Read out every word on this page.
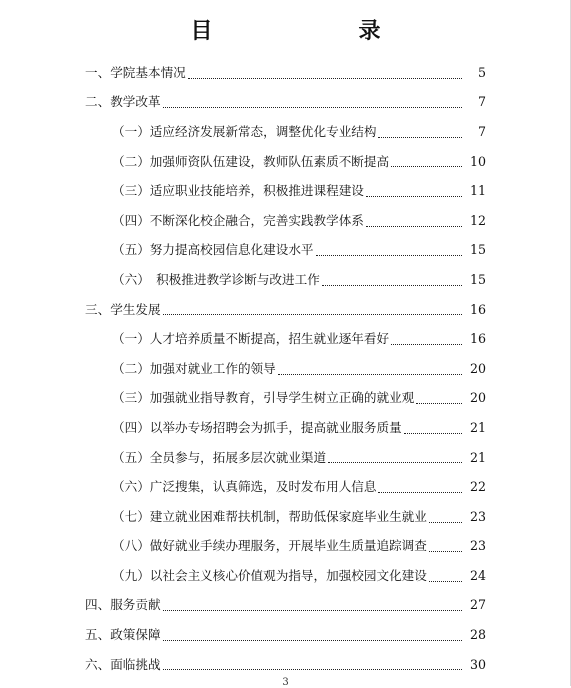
目　　录
一、学院基本情况	5
二、教学改革	7
（一）适应经济发展新常态，调整优化专业结构	7
（二）加强师资队伍建设，教师队伍素质不断提高	10
（三）适应职业技能培养，积极推进课程建设	11
（四）不断深化校企融合，完善实践教学体系	12
（五）努力提高校园信息化建设水平	15
（六）　积极推进教学诊断与改进工作	15
三、学生发展	16
（一）人才培养质量不断提高，招生就业逐年看好	16
（二）加强对就业工作的领导	20
（三）加强就业指导教育，引导学生树立正确的就业观	20
（四）以举办专场招聘会为抓手，提高就业服务质量	21
（五）全员参与，拓展多层次就业渠道	21
（六）广泛搜集，认真筛选，及时发布用人信息	22
（七）建立就业困难帮扶机制，帮助低保家庭毕业生就业	23
（八）做好就业手续办理服务，开展毕业生质量追踪调查	23
（九）以社会主义核心价值观为指导，加强校园文化建设	24
四、服务贡献	27
五、政策保障	28
六、面临挑战	30
3
